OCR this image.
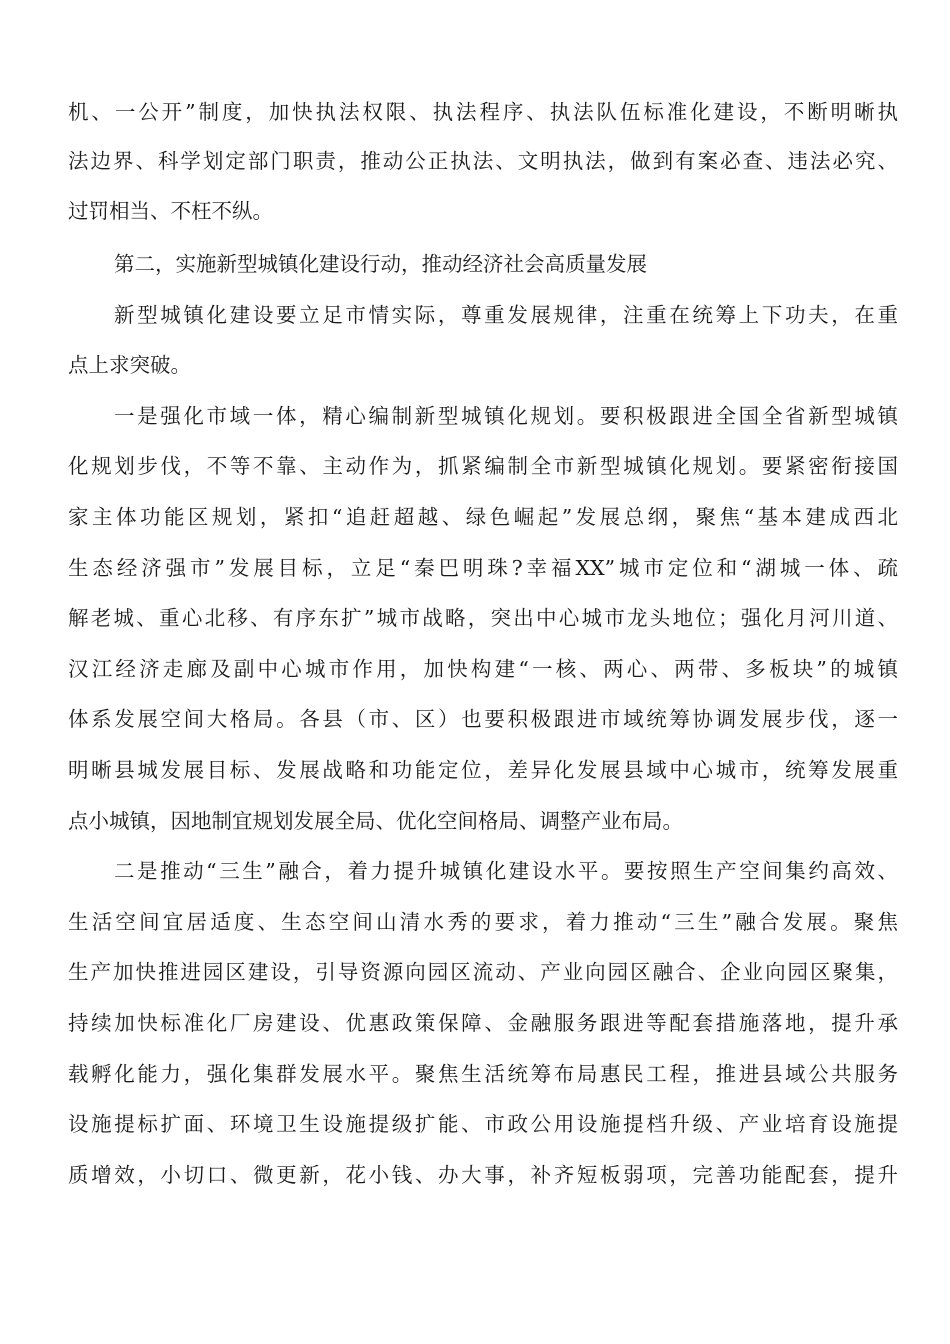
机、一公开”制度，加快执法权限、执法程序、执法队伍标准化建设，不断明晰执
法边界、科学划定部门职责，推动公正执法、文明执法，做到有案必查、违法必究、
过罚相当、不枉不纵。
第二，实施新型城镇化建设行动，推动经济社会高质量发展
新型城镇化建设要立足市情实际，尊重发展规律，注重在统筹上下功夫，在重
点上求突破。
一是强化市域一体，精心编制新型城镇化规划。要积极跟进全国全省新型城镇
化规划步伐，不等不靠、主动作为，抓紧编制全市新型城镇化规划。要紧密衔接国
家主体功能区规划，紧扣“追赶超越、绿色崛起”发展总纲，聚焦“基本建成西北
生态经济强市”发展目标，立足“秦巴明珠?幸福XX”城市定位和“湖城一体、疏
解老城、重心北移、有序东扩”城市战略，突出中心城市龙头地位；强化月河川道、
汉江经济走廊及副中心城市作用，加快构建“一核、两心、两带、多板块”的城镇
体系发展空间大格局。各县（市、区）也要积极跟进市域统筹协调发展步伐，逐一
明晰县城发展目标、发展战略和功能定位，差异化发展县域中心城市，统筹发展重
点小城镇，因地制宜规划发展全局、优化空间格局、调整产业布局。
二是推动“三生”融合，着力提升城镇化建设水平。要按照生产空间集约高效、
生活空间宜居适度、生态空间山清水秀的要求，着力推动“三生”融合发展。聚焦
生产加快推进园区建设，引导资源向园区流动、产业向园区融合、企业向园区聚集，
持续加快标准化厂房建设、优惠政策保障、金融服务跟进等配套措施落地，提升承
载孵化能力，强化集群发展水平。聚焦生活统筹布局惠民工程，推进县域公共服务
设施提标扩面、环境卫生设施提级扩能、市政公用设施提档升级、产业培育设施提
质增效，小切口、微更新，花小钱、办大事，补齐短板弱项，完善功能配套，提升
